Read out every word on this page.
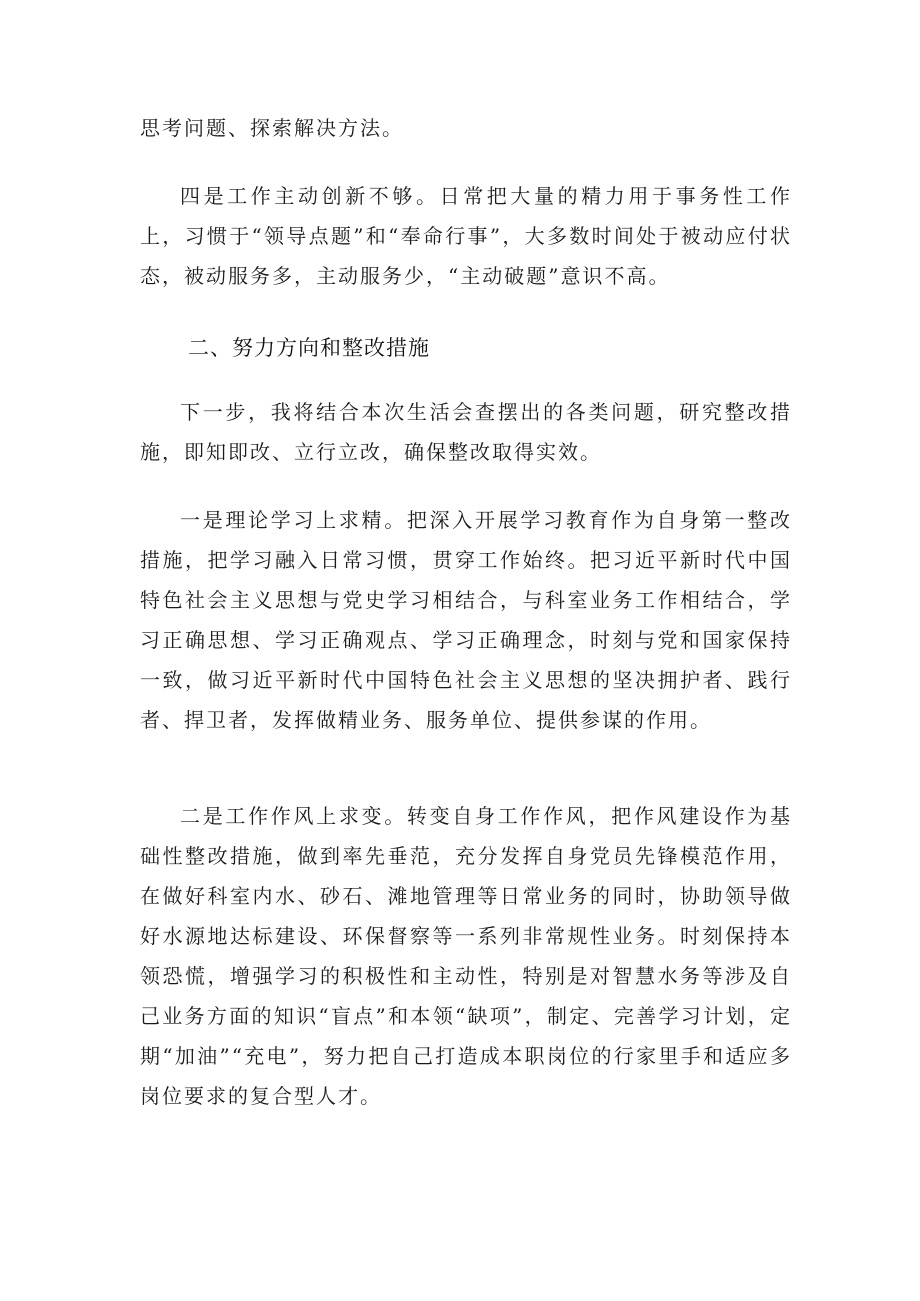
思考问题、探索解决方法。

四是工作主动创新不够。日常把大量的精力用于事务性工作上，习惯于“领导点题”和“奉命行事”，大多数时间处于被动应付状态，被动服务多，主动服务少，“主动破题”意识不高。

二、努力方向和整改措施

下一步，我将结合本次生活会查摆出的各类问题，研究整改措施，即知即改、立行立改，确保整改取得实效。

一是理论学习上求精。把深入开展学习教育作为自身第一整改措施，把学习融入日常习惯，贯穿工作始终。把习近平新时代中国特色社会主义思想与党史学习相结合，与科室业务工作相结合，学习正确思想、学习正确观点、学习正确理念，时刻与党和国家保持一致，做习近平新时代中国特色社会主义思想的坚决拥护者、践行者、捍卫者，发挥做精业务、服务单位、提供参谋的作用。

二是工作作风上求变。转变自身工作作风，把作风建设作为基础性整改措施，做到率先垂范，充分发挥自身党员先锋模范作用，在做好科室内水、砂石、滩地管理等日常业务的同时，协助领导做好水源地达标建设、环保督察等一系列非常规性业务。时刻保持本领恐慌，增强学习的积极性和主动性，特别是对智慧水务等涉及自己业务方面的知识“盲点”和本领“缺项”，制定、完善学习计划，定期“加油”“充电”，努力把自己打造成本职岗位的行家里手和适应多岗位要求的复合型人才。
